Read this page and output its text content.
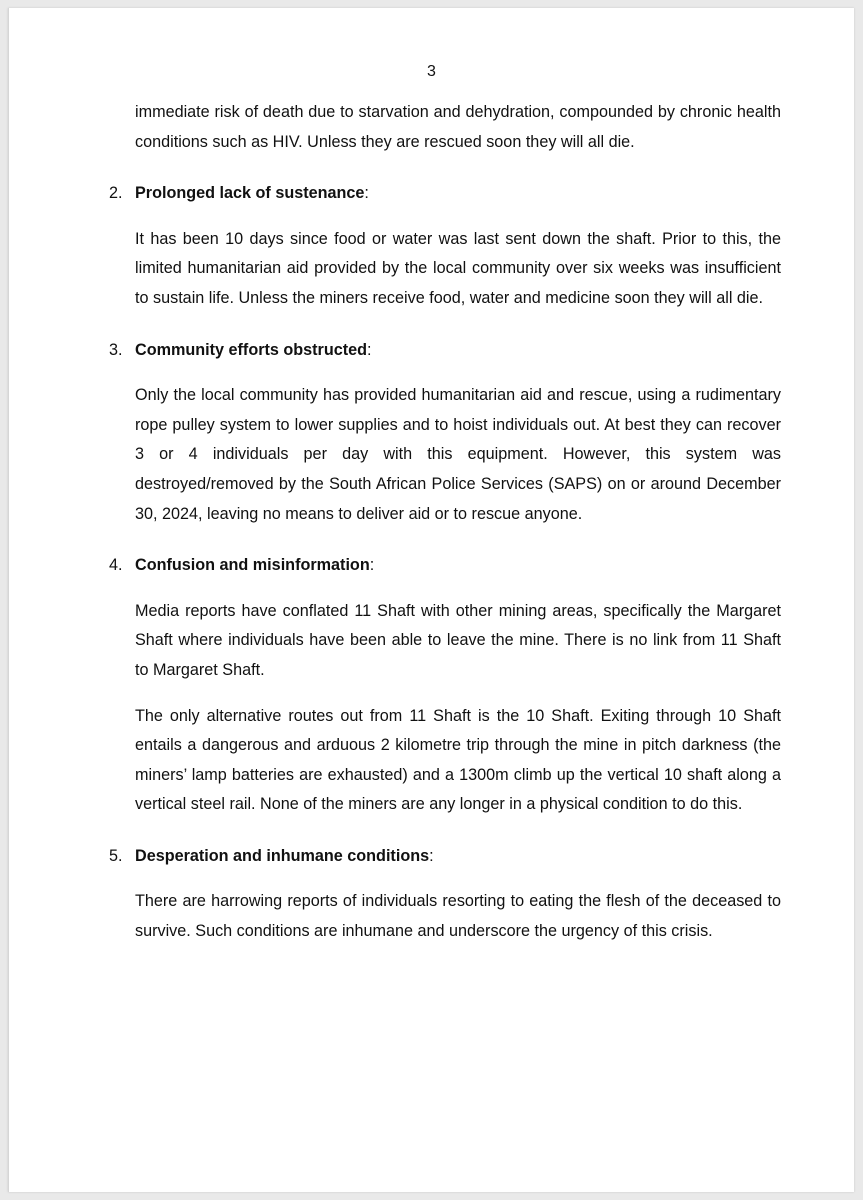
3

immediate risk of death due to starvation and dehydration, compounded by chronic health conditions such as HIV. Unless they are rescued soon they will all die.

2. Prolonged lack of sustenance:

It has been 10 days since food or water was last sent down the shaft. Prior to this, the limited humanitarian aid provided by the local community over six weeks was insufficient to sustain life. Unless the miners receive food, water and medicine soon they will all die.

3. Community efforts obstructed:

Only the local community has provided humanitarian aid and rescue, using a rudimentary rope pulley system to lower supplies and to hoist individuals out. At best they can recover 3 or 4 individuals per day with this equipment. However, this system was destroyed/removed by the South African Police Services (SAPS) on or around December 30, 2024, leaving no means to deliver aid or to rescue anyone.

4. Confusion and misinformation:

Media reports have conflated 11 Shaft with other mining areas, specifically the Margaret Shaft where individuals have been able to leave the mine. There is no link from 11 Shaft to Margaret Shaft.

The only alternative routes out from 11 Shaft is the 10 Shaft. Exiting through 10 Shaft entails a dangerous and arduous 2 kilometre trip through the mine in pitch darkness (the miners’ lamp batteries are exhausted) and a 1300m climb up the vertical 10 shaft along a vertical steel rail. None of the miners are any longer in a physical condition to do this.

5. Desperation and inhumane conditions:

There are harrowing reports of individuals resorting to eating the flesh of the deceased to survive. Such conditions are inhumane and underscore the urgency of this crisis.
